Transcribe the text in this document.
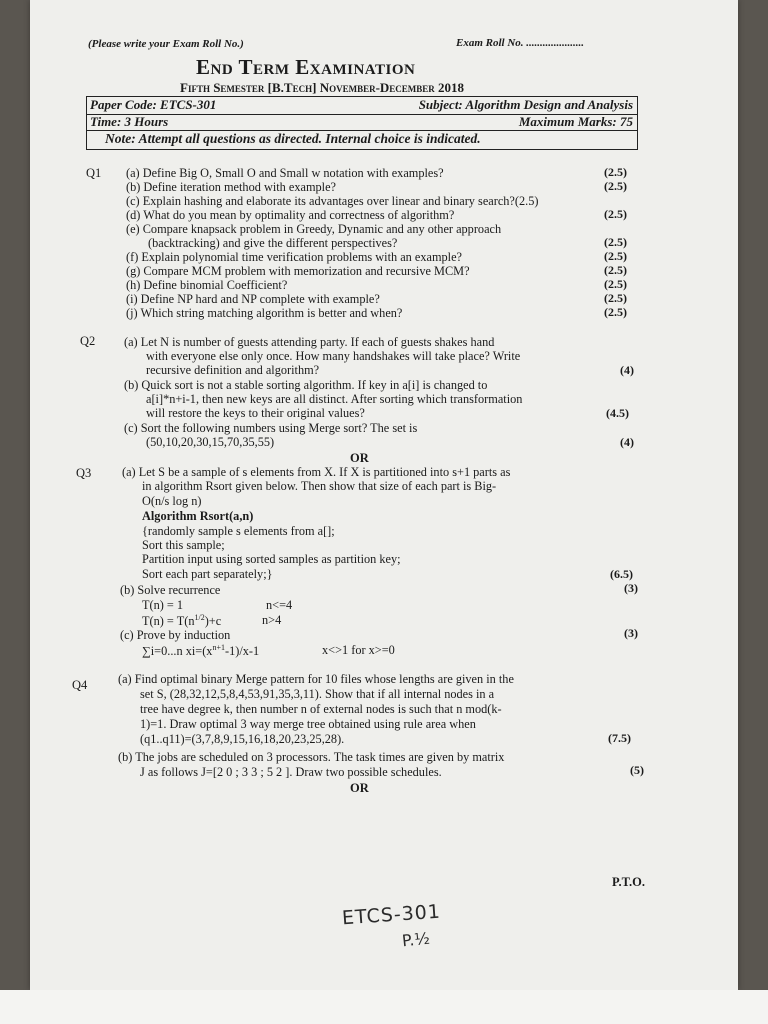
(Please write your Exam Roll No.)	Exam Roll No. .....................
End Term Examination
Fifth Semester [B.Tech] November-December 2018
Paper Code: ETCS-301	Subject: Algorithm Design and Analysis
Time: 3 Hours	Maximum Marks: 75
Note: Attempt all questions as directed. Internal choice is indicated.
Q1 (a) Define Big O, Small O and Small w notation with examples?	(2.5)
(b) Define iteration method with example?	(2.5)
(c) Explain hashing and elaborate its advantages over linear and binary search?(2.5)
(d) What do you mean by optimality and correctness of algorithm?	(2.5)
(e) Compare knapsack problem in Greedy, Dynamic and any other approach
(backtracking) and give the different perspectives?	(2.5)
(f) Explain polynomial time verification problems with an example?	(2.5)
(g) Compare MCM problem with memorization and recursive MCM?	(2.5)
(h) Define binomial Coefficient?	(2.5)
(i) Define NP hard and NP complete with example?	(2.5)
(j) Which string matching algorithm is better and when?	(2.5)
Q2 (a) Let N is number of guests attending party. If each of guests shakes hand
with everyone else only once. How many handshakes will take place? Write
recursive definition and algorithm?	(4)
(b) Quick sort is not a stable sorting algorithm. If key in a[i] is changed to
a[i]*n+i-1, then new keys are all distinct. After sorting which transformation
will restore the keys to their original values?	(4.5)
(c) Sort the following numbers using Merge sort? The set is
(50,10,20,30,15,70,35,55)	(4)
OR
Q3 (a) Let S be a sample of s elements from X. If X is partitioned into s+1 parts as
in algorithm Rsort given below. Then show that size of each part is Big-
O(n/s log n)
Algorithm Rsort(a,n)
{randomly sample s elements from a[];
Sort this sample;
Partition input using sorted samples as partition key;
Sort each part separately;}	(6.5)
(b) Solve recurrence	(3)
T(n) = 1	n<=4
$T(n) = T(n^{1/2})+c$	n>4
(c) Prove by induction	(3)
∑i=0...n $xi=(x^{n+1}-1)/x-1$	x<>1 for x>=0
Q4 (a) Find optimal binary Merge pattern for 10 files whose lengths are given in the
set S, (28,32,12,5,8,4,53,91,35,3,11). Show that if all internal nodes in a
tree have degree k, then number n of external nodes is such that n mod(k-
1)=1. Draw optimal 3 way merge tree obtained using rule area when
(q1..q11)=(3,7,8,9,15,16,18,20,23,25,28).	(7.5)
(b) The jobs are scheduled on 3 processors. The task times are given by matrix
J as follows J=[2 0 ; 3 3 ; 5 2 ]. Draw two possible schedules.	(5)
OR
P.T.O.
ETCS-301
P.½
